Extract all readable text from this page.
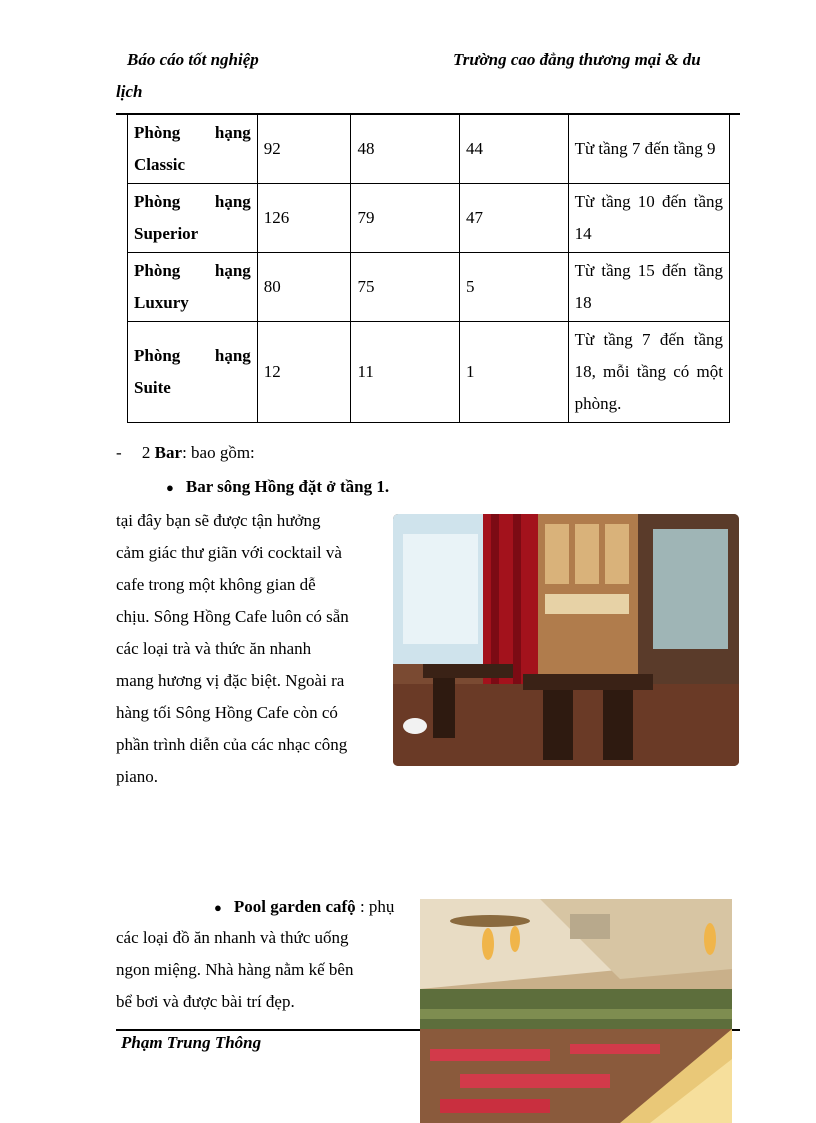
Báo cáo tốt nghiệp	Trường cao đẳng thương mại & du
lịch
Phòng hạng
Classic	92	48	44	Từ tầng 7 đến tầng 9

Phòng hạng
Superior	126	79	47	Từ tầng 10 đến tầng 14

Phòng hạng
Luxury	80	75	5	Từ tầng 15 đến tầng 18

Phòng hạng
Suite	12	11	1	Từ tầng 7 đến tầng 18, mỗi tầng có một phòng.
- 2 Bar: bao gồm:
● Bar sông Hồng đặt ở tầng 1.
tại đây bạn sẽ được tận hưởng
cảm giác thư giãn với cocktail và
cafe trong một không gian dễ
chịu. Sông Hồng Cafe luôn có sẵn
các loại trà và thức ăn nhanh
mang hương vị đặc biệt. Ngoài ra
hàng tối Sông Hồng Cafe còn có
phần trình diễn của các nhạc công
piano.
● Pool garden cafộ : phụ
các loại đồ ăn nhanh và thức uống
ngon miệng. Nhà hàng nằm kế bên
bể bơi và được bài trí đẹp.
Phạm Trung Thông
